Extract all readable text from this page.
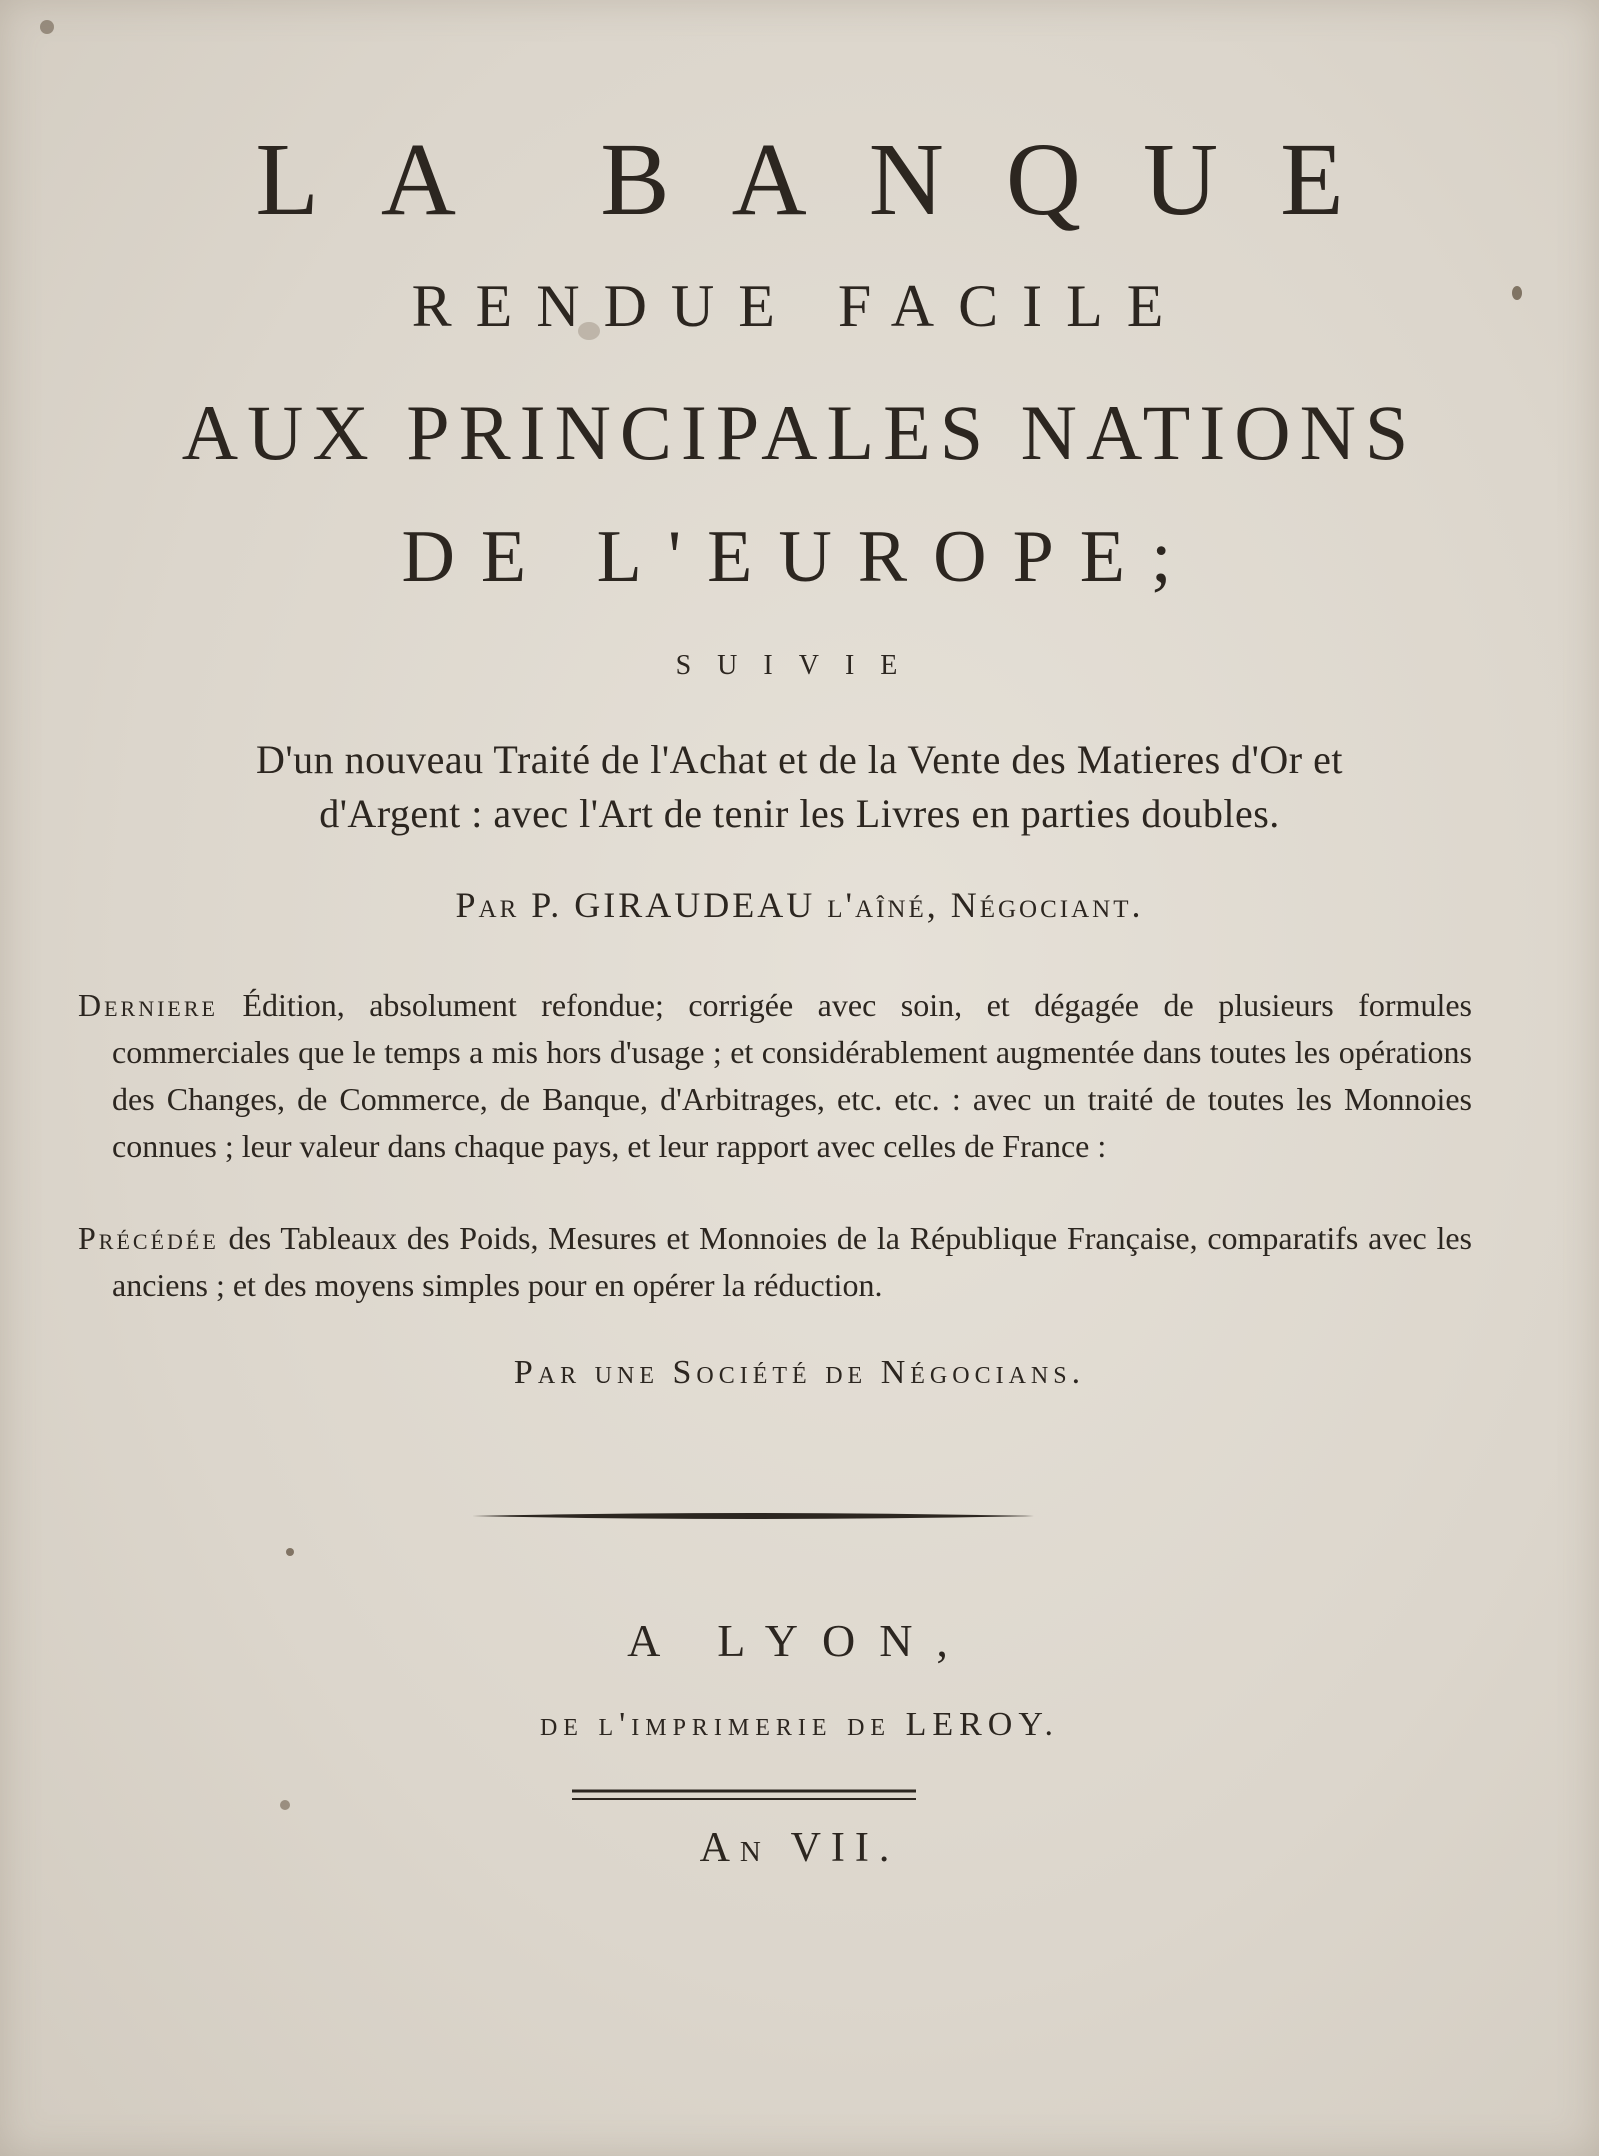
LA BANQUE
RENDUE FACILE
AUX PRINCIPALES NATIONS
DE L'EUROPE;
SUIVIE
D'un nouveau Traité de l'Achat et de la Vente des Matieres d'Or et
d'Argent : avec l'Art de tenir les Livres en parties doubles.
Par P. GIRAUDEAU l'aîné, Négociant.
Derniere Édition, absolument refondue; corrigée avec soin, et dégagée de plusieurs formules commerciales que le temps a mis hors d'usage ; et considérablement augmentée dans toutes les opérations des Changes, de Commerce, de Banque, d'Arbitrages, etc. etc. : avec un traité de toutes les Monnoies connues ; leur valeur dans chaque pays, et leur rapport avec celles de France :
Précédée des Tableaux des Poids, Mesures et Monnoies de la République Française, comparatifs avec les anciens ; et des moyens simples pour en opérer la réduction.
Par une Société de Négocians.
A LYON,
de l'imprimerie de LEROY.
An VII.
